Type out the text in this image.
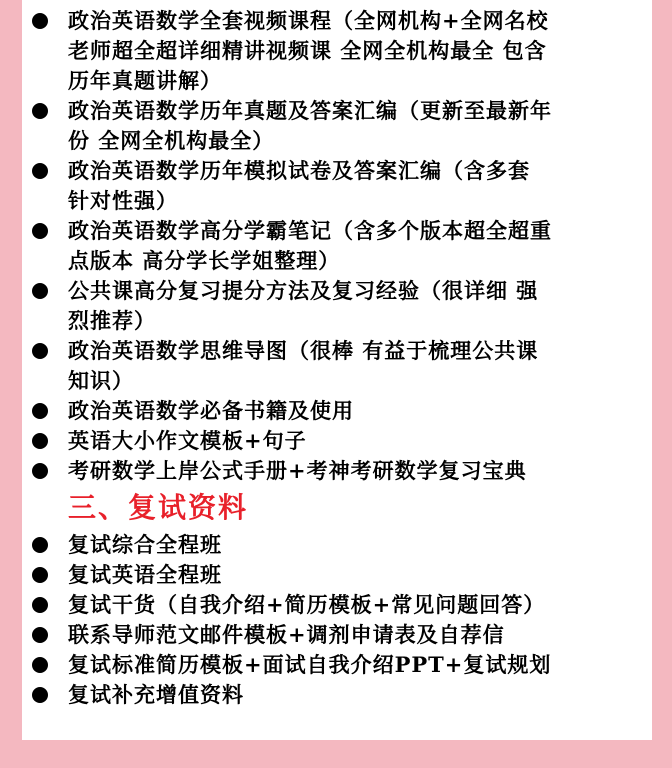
政治英语数学全套视频课程（全网机构+全网名校
老师超全超详细精讲视频课 全网全机构最全 包含
历年真题讲解）
政治英语数学历年真题及答案汇编（更新至最新年
份 全网全机构最全）
政治英语数学历年模拟试卷及答案汇编（含多套
针对性强）
政治英语数学高分学霸笔记（含多个版本超全超重
点版本 高分学长学姐整理）
公共课高分复习提分方法及复习经验（很详细 强
烈推荐）
政治英语数学思维导图（很棒 有益于梳理公共课
知识）
政治英语数学必备书籍及使用
英语大小作文模板+句子
考研数学上岸公式手册+考神考研数学复习宝典
三、复试资料
复试综合全程班
复试英语全程班
复试干货（自我介绍+简历模板+常见问题回答）
联系导师范文邮件模板+调剂申请表及自荐信
复试标准简历模板+面试自我介绍PPT+复试规划
复试补充增值资料
